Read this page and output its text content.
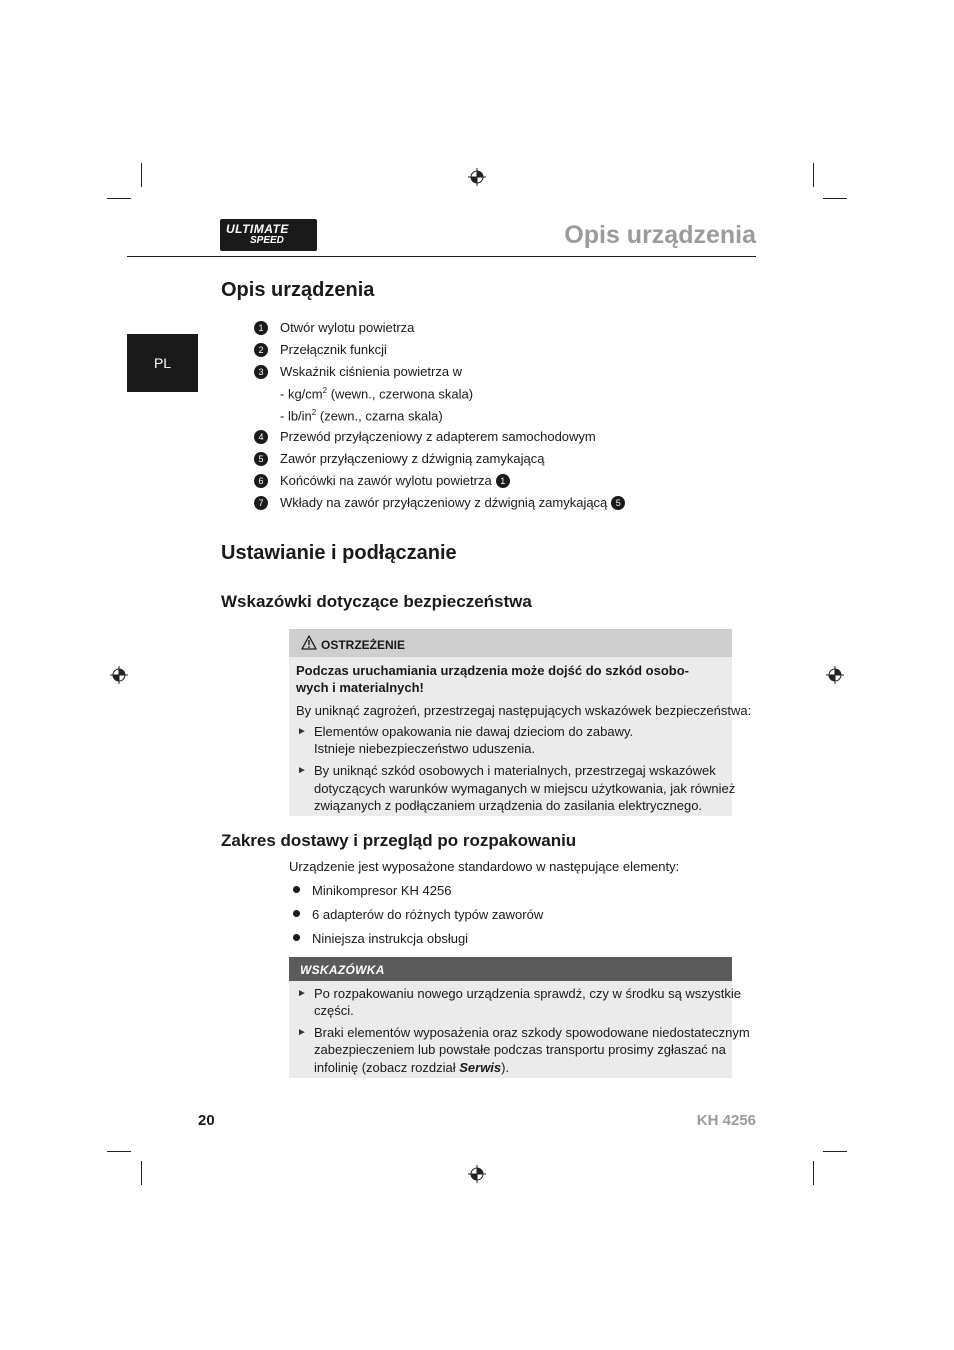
ULTIMATE
SPEED	Opis urządzenia
PL
Opis urządzenia
1	Otwór wylotu powietrza
2	Przełącznik funkcji
3	Wskaźnik ciśnienia powietrza w
- $kg/cm^2$ (wewn., czerwona skala)
- $lb/in^2$ (zewn., czarna skala)
4	Przewód przyłączeniowy z adapterem samochodowym
5	Zawór przyłączeniowy z dźwignią zamykającą
6	Końcówki na zawór wylotu powietrza 1
7	Wkłady na zawór przyłączeniowy z dźwignią zamykającą 5
Ustawianie i podłączanie
Wskazówki dotyczące bezpieczeństwa
OSTRZEŻENIE
Podczas uruchamiania urządzenia może dojść do szkód osobo-
wych i materialnych!
By uniknąć zagrożeń, przestrzegaj następujących wskazówek bezpieczeństwa:
► Elementów opakowania nie dawaj dzieciom do zabawy.
Istnieje niebezpieczeństwo uduszenia.
► By uniknąć szkód osobowych i materialnych, przestrzegaj wskazówek
dotyczących warunków wymaganych w miejscu użytkowania, jak również
związanych z podłączaniem urządzenia do zasilania elektrycznego.
Zakres dostawy i przegląd po rozpakowaniu
Urządzenie jest wyposażone standardowo w następujące elementy:
Minikompresor KH 4256
6 adapterów do różnych typów zaworów
Niniejsza instrukcja obsługi
WSKAZÓWKA
► Po rozpakowaniu nowego urządzenia sprawdź, czy w środku są wszystkie
części.
► Braki elementów wyposażenia oraz szkody spowodowane niedostatecznym
zabezpieczeniem lub powstałe podczas transportu prosimy zgłaszać na
infolinię (zobacz rozdział Serwis).
20	KH 4256
